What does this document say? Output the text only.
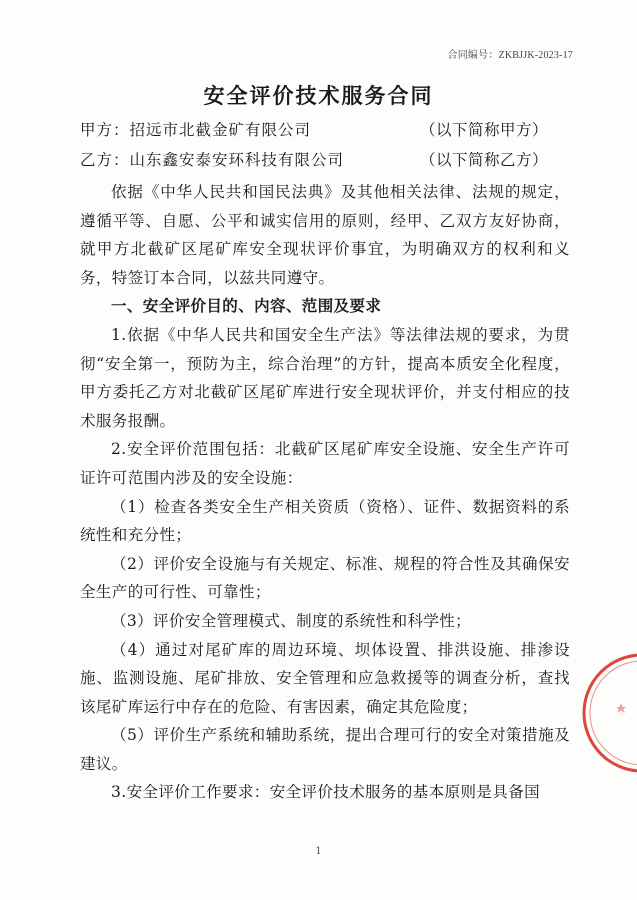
合同编号：ZKBJJK-2023-17
安全评价技术服务合同
甲方：招远市北截金矿有限公司	（以下简称甲方）
乙方：山东鑫安泰安环科技有限公司	（以下简称乙方）

依据《中华人民共和国民法典》及其他相关法律、法规的规定，遵循平等、自愿、公平和诚实信用的原则，经甲、乙双方友好协商，就甲方北截矿区尾矿库安全现状评价事宜，为明确双方的权利和义务，特签订本合同，以兹共同遵守。

一、安全评价目的、内容、范围及要求

1.依据《中华人民共和国安全生产法》等法律法规的要求，为贯彻“安全第一，预防为主，综合治理”的方针，提高本质安全化程度，甲方委托乙方对北截矿区尾矿库进行安全现状评价，并支付相应的技术服务报酬。

2.安全评价范围包括：北截矿区尾矿库安全设施、安全生产许可证许可范围内涉及的安全设施：

（1）检查各类安全生产相关资质（资格）、证件、数据资料的系统性和充分性；

（2）评价安全设施与有关规定、标准、规程的符合性及其确保安全生产的可行性、可靠性；

（3）评价安全管理模式、制度的系统性和科学性；

（4）通过对尾矿库的周边环境、坝体设置、排洪设施、排渗设施、监测设施、尾矿排放、安全管理和应急救援等的调查分析，查找该尾矿库运行中存在的危险、有害因素，确定其危险度；

（5）评价生产系统和辅助系统，提出合理可行的安全对策措施及建议。

3.安全评价工作要求：安全评价技术服务的基本原则是具备国

1
